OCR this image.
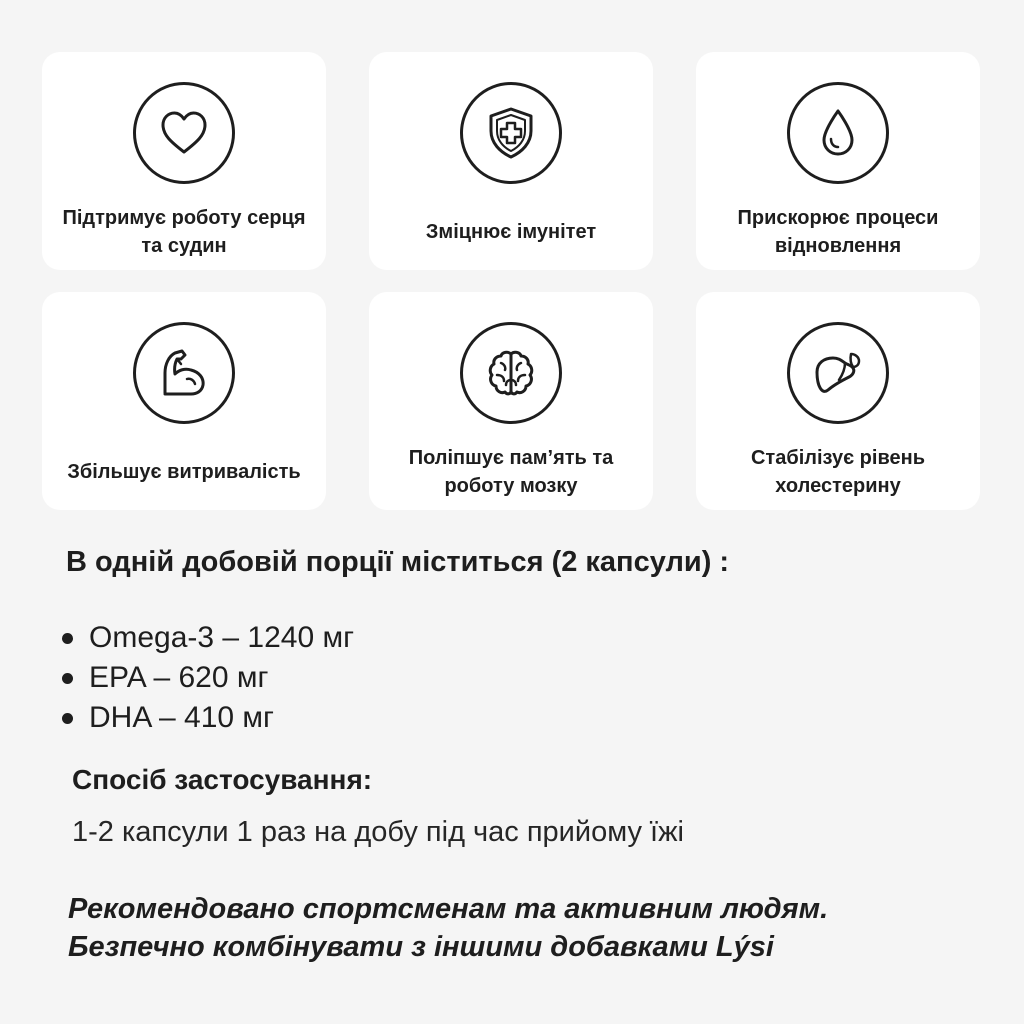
Підтримує роботу серця та судин
Зміцнює імунітет
Прискорює процеси відновлення
Збільшує витривалість
Поліпшує пам’ять та роботу мозку
Стабілізує рівень холестерину
В одній добовій порції міститься (2 капсули) :
Omega-3 – 1240 мг
EPA – 620 мг
DHA – 410 мг
Спосіб застосування:
1-2 капсули 1 раз на добу під час прийому їжі
Рекомендовано спортсменам та активним людям.
Безпечно комбінувати з іншими добавками Lýsi
